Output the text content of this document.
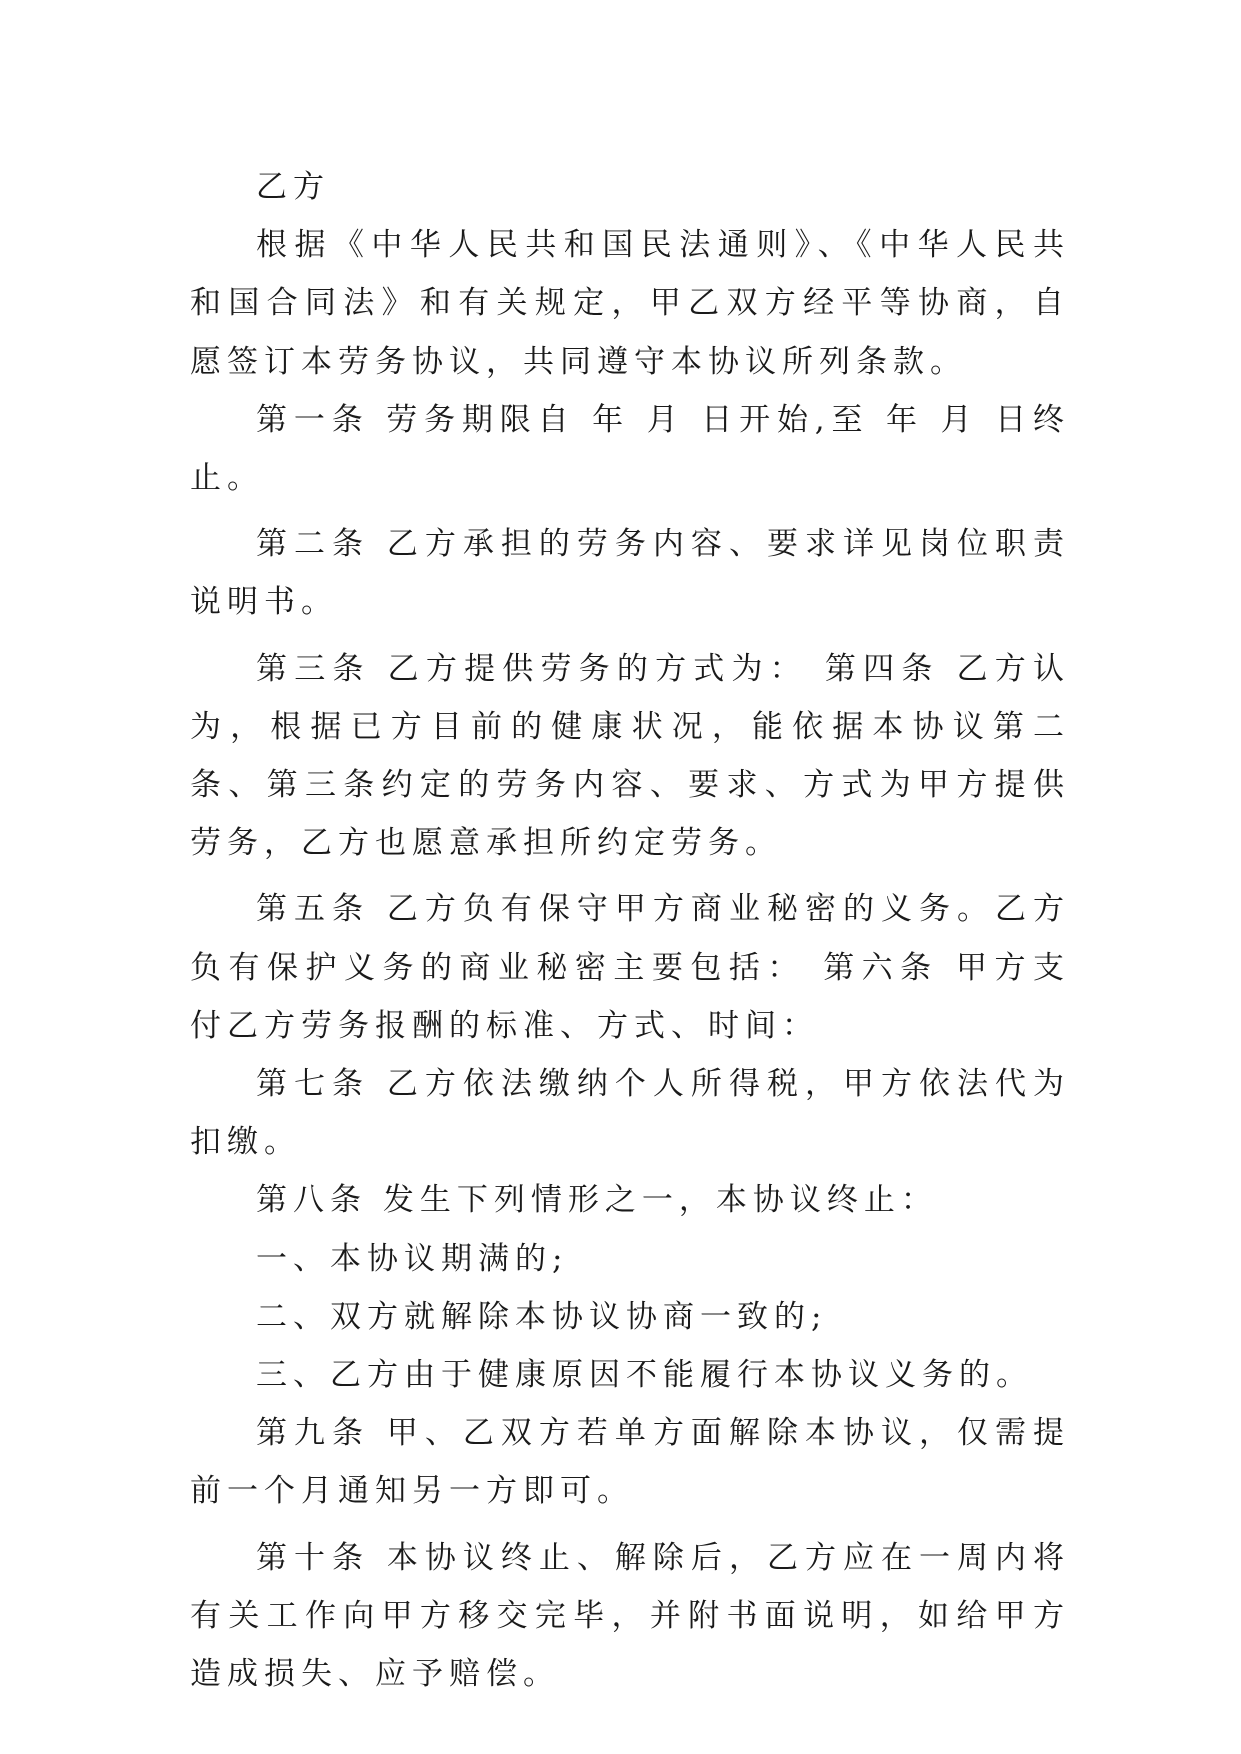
乙方

根据《中华人民共和国民法通则》、《中华人民共和国合同法》和有关规定，甲乙双方经平等协商，自愿签订本劳务协议，共同遵守本协议所列条款。

第一条 劳务期限自 年 月 日开始,至 年 月 日终止。

第二条 乙方承担的劳务内容、要求详见岗位职责说明书。

第三条 乙方提供劳务的方式为： 第四条 乙方认为，根据已方目前的健康状况，能依据本协议第二条、第三条约定的劳务内容、要求、方式为甲方提供劳务，乙方也愿意承担所约定劳务。

第五条 乙方负有保守甲方商业秘密的义务。乙方负有保护义务的商业秘密主要包括： 第六条 甲方支付乙方劳务报酬的标准、方式、时间：

第七条 乙方依法缴纳个人所得税，甲方依法代为扣缴。

第八条 发生下列情形之一，本协议终止：

一、本协议期满的;

二、双方就解除本协议协商一致的;

三、乙方由于健康原因不能履行本协议义务的。

第九条 甲、乙双方若单方面解除本协议，仅需提前一个月通知另一方即可。

第十条 本协议终止、解除后，乙方应在一周内将有关工作向甲方移交完毕，并附书面说明，如给甲方造成损失、应予赔偿。
